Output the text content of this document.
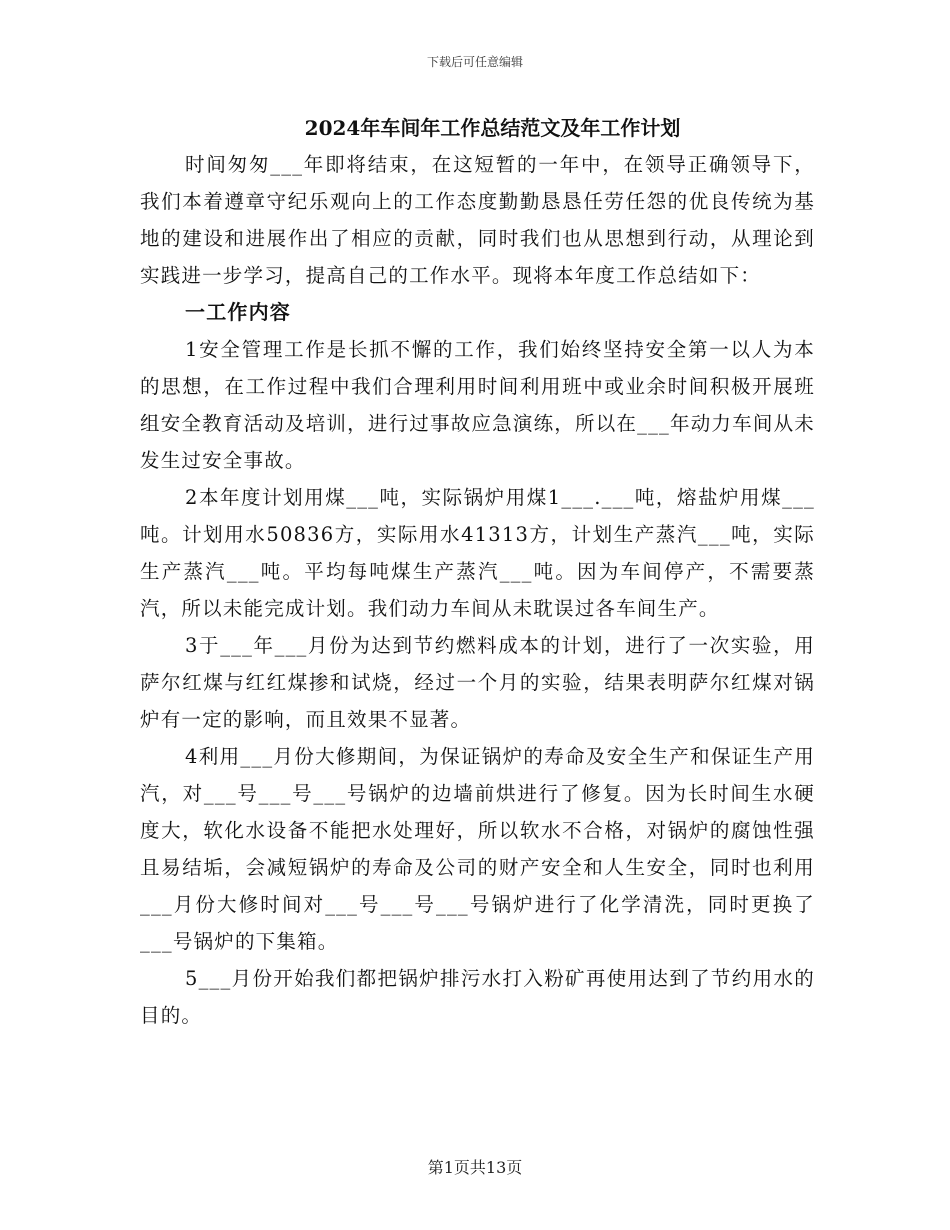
下载后可任意编辑
2024年车间年工作总结范文及年工作计划

时间匆匆___年即将结束，在这短暂的一年中，在领导正确领导下，我们本着遵章守纪乐观向上的工作态度勤勤恳恳任劳任怨的优良传统为基地的建设和进展作出了相应的贡献，同时我们也从思想到行动，从理论到实践进一步学习，提高自己的工作水平。现将本年度工作总结如下：

一工作内容

1安全管理工作是长抓不懈的工作，我们始终坚持安全第一以人为本的思想，在工作过程中我们合理利用时间利用班中或业余时间积极开展班组安全教育活动及培训，进行过事故应急演练，所以在___年动力车间从未发生过安全事故。

2本年度计划用煤___吨，实际锅炉用煤1___.___吨，熔盐炉用煤___吨。计划用水50836方，实际用水41313方，计划生产蒸汽___吨，实际生产蒸汽___吨。平均每吨煤生产蒸汽___吨。因为车间停产，不需要蒸汽，所以未能完成计划。我们动力车间从未耽误过各车间生产。

3于___年___月份为达到节约燃料成本的计划，进行了一次实验，用萨尔红煤与红红煤掺和试烧，经过一个月的实验，结果表明萨尔红煤对锅炉有一定的影响，而且效果不显著。

4利用___月份大修期间，为保证锅炉的寿命及安全生产和保证生产用汽，对___号___号___号锅炉的边墙前烘进行了修复。因为长时间生水硬度大，软化水设备不能把水处理好，所以软水不合格，对锅炉的腐蚀性强且易结垢，会减短锅炉的寿命及公司的财产安全和人生安全，同时也利用___月份大修时间对___号___号___号锅炉进行了化学清洗，同时更换了___号锅炉的下集箱。

5___月份开始我们都把锅炉排污水打入粉矿再使用达到了节约用水的目的。

第1页共13页
